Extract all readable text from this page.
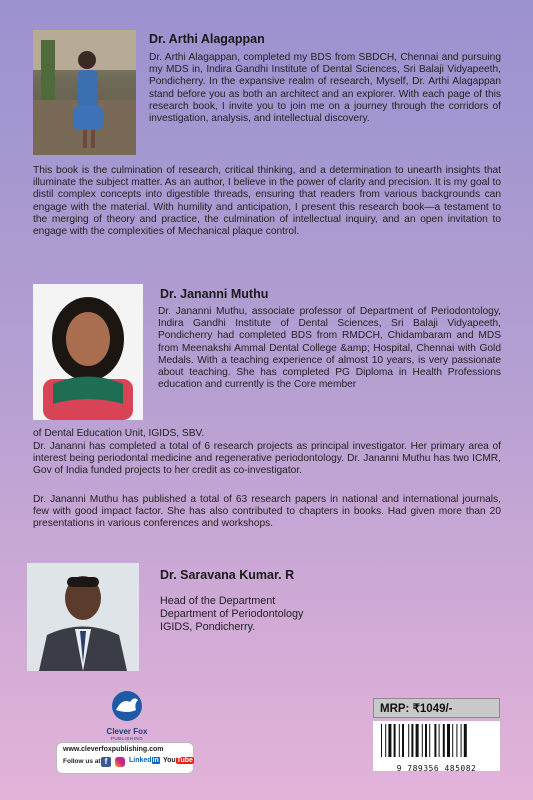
Dr. Arthi Alagappan

Dr. Arthi Alagappan, completed my BDS from SBDCH, Chennai and pursuing my MDS in, Indira Gandhi Institute of Dental Sciences, Sri Balaji Vidyapeeth, Pondicherry. In the expansive realm of research, Myself, Dr. Arthi Alagappan stand before you as both an architect and an explorer. With each page of this research book, I invite you to join me on a journey through the corridors of investigation, analysis, and intellectual discovery.

This book is the culmination of research, critical thinking, and a determination to unearth insights that illuminate the subject matter. As an author, I believe in the power of clarity and precision. It is my goal to distil complex concepts into digestible threads, ensuring that readers from various backgrounds can engage with the material. With humility and anticipation, I present this research book—a testament to the merging of theory and practice, the culmination of intellectual inquiry, and an open invitation to engage with the complexities of Mechanical plaque control.

Dr. Jananni Muthu

Dr. Jananni Muthu, associate professor of Department of Periodontology, Indira Gandhi Institute of Dental Sciences, Sri Balaji Vidyapeeth, Pondicherry had completed BDS from RMDCH, Chidambaram and MDS from Meenakshi Ammal Dental College &amp; Hospital, Chennai with Gold Medals. With a teaching experience of almost 10 years, is very passionate about teaching. She has completed PG Diploma in Health Professions education and currently is the Core member

of Dental Education Unit, IGIDS, SBV.

Dr. Jananni has completed a total of 6 research projects as principal investigator. Her primary area of interest being periodontal medicine and regenerative periodontology. Dr. Jananni Muthu has two ICMR, Gov of India funded projects to her credit as co-investigator.

Dr. Jananni Muthu has published a total of 63 research papers in national and international journals, few with good impact factor. She has also contributed to chapters in books. Had given more than 20 presentations in various conferences and workshops.

Dr. Saravana Kumar. R
Head of the Department
Department of Periodontology
IGIDS, Pondicherry.
Clever Fox
PUBLISHING
www.cleverfoxpublishing.com
Follow us at f	Linkedin YouTube
MRP: ₹1049/-
9 789356 485082
